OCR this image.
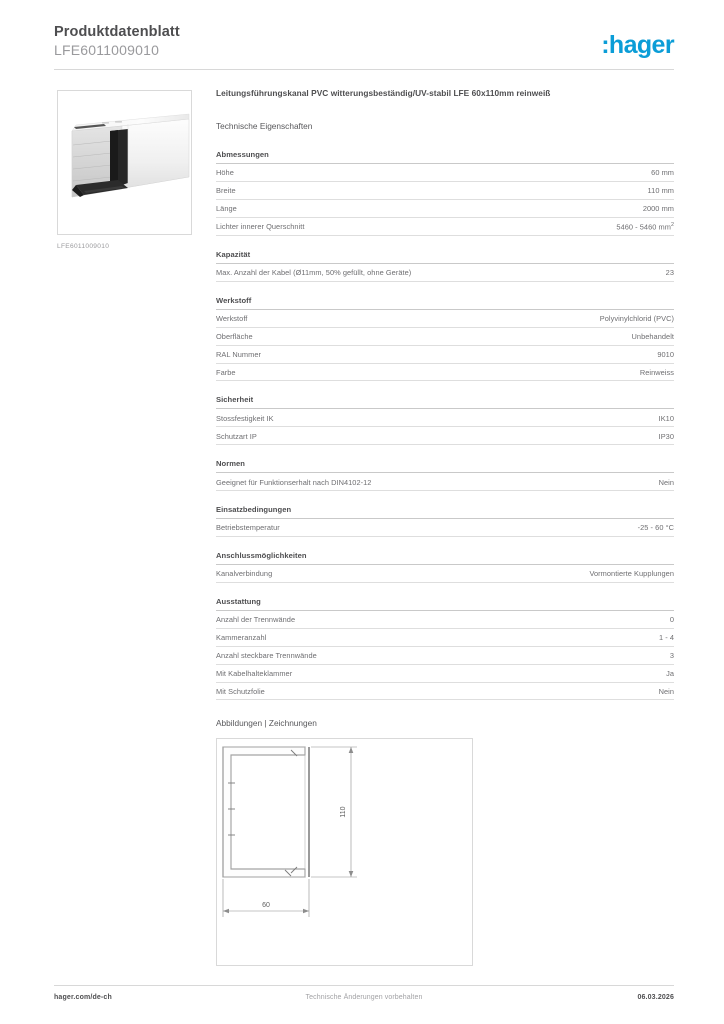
Produktdatenblatt
LFE6011009010	:hager
LFE6011009010
Leitungsführungskanal PVC witterungsbeständig/UV-stabil LFE 60x110mm reinweiß
Technische Eigenschaften
Abmessungen
Höhe	60 mm
Breite	110 mm
Länge	2000 mm
Lichter innerer Querschnitt	5460 - 5460 $mm^2$
Kapazität
Max. Anzahl der Kabel (Ø11mm, 50% gefüllt, ohne Geräte)	23
Werkstoff
Werkstoff	Polyvinylchlorid (PVC)
Oberfläche	Unbehandelt
RAL Nummer	9010
Farbe	Reinweiss
Sicherheit
Stossfestigkeit IK	IK10
Schutzart IP	IP30
Normen
Geeignet für Funktionserhalt nach DIN4102-12	Nein
Einsatzbedingungen
Betriebstemperatur	-25 - 60 °C
Anschlussmöglichkeiten
Kanalverbindung	Vormontierte Kupplungen
Ausstattung
Anzahl der Trennwände	0
Kammeranzahl	1 - 4
Anzahl steckbare Trennwände	3
Mit Kabelhalteklammer	Ja
Mit Schutzfolie	Nein
Abbildungen | Zeichnungen
60
110
hager.com/de-ch	Technische Änderungen vorbehalten	06.03.2026
